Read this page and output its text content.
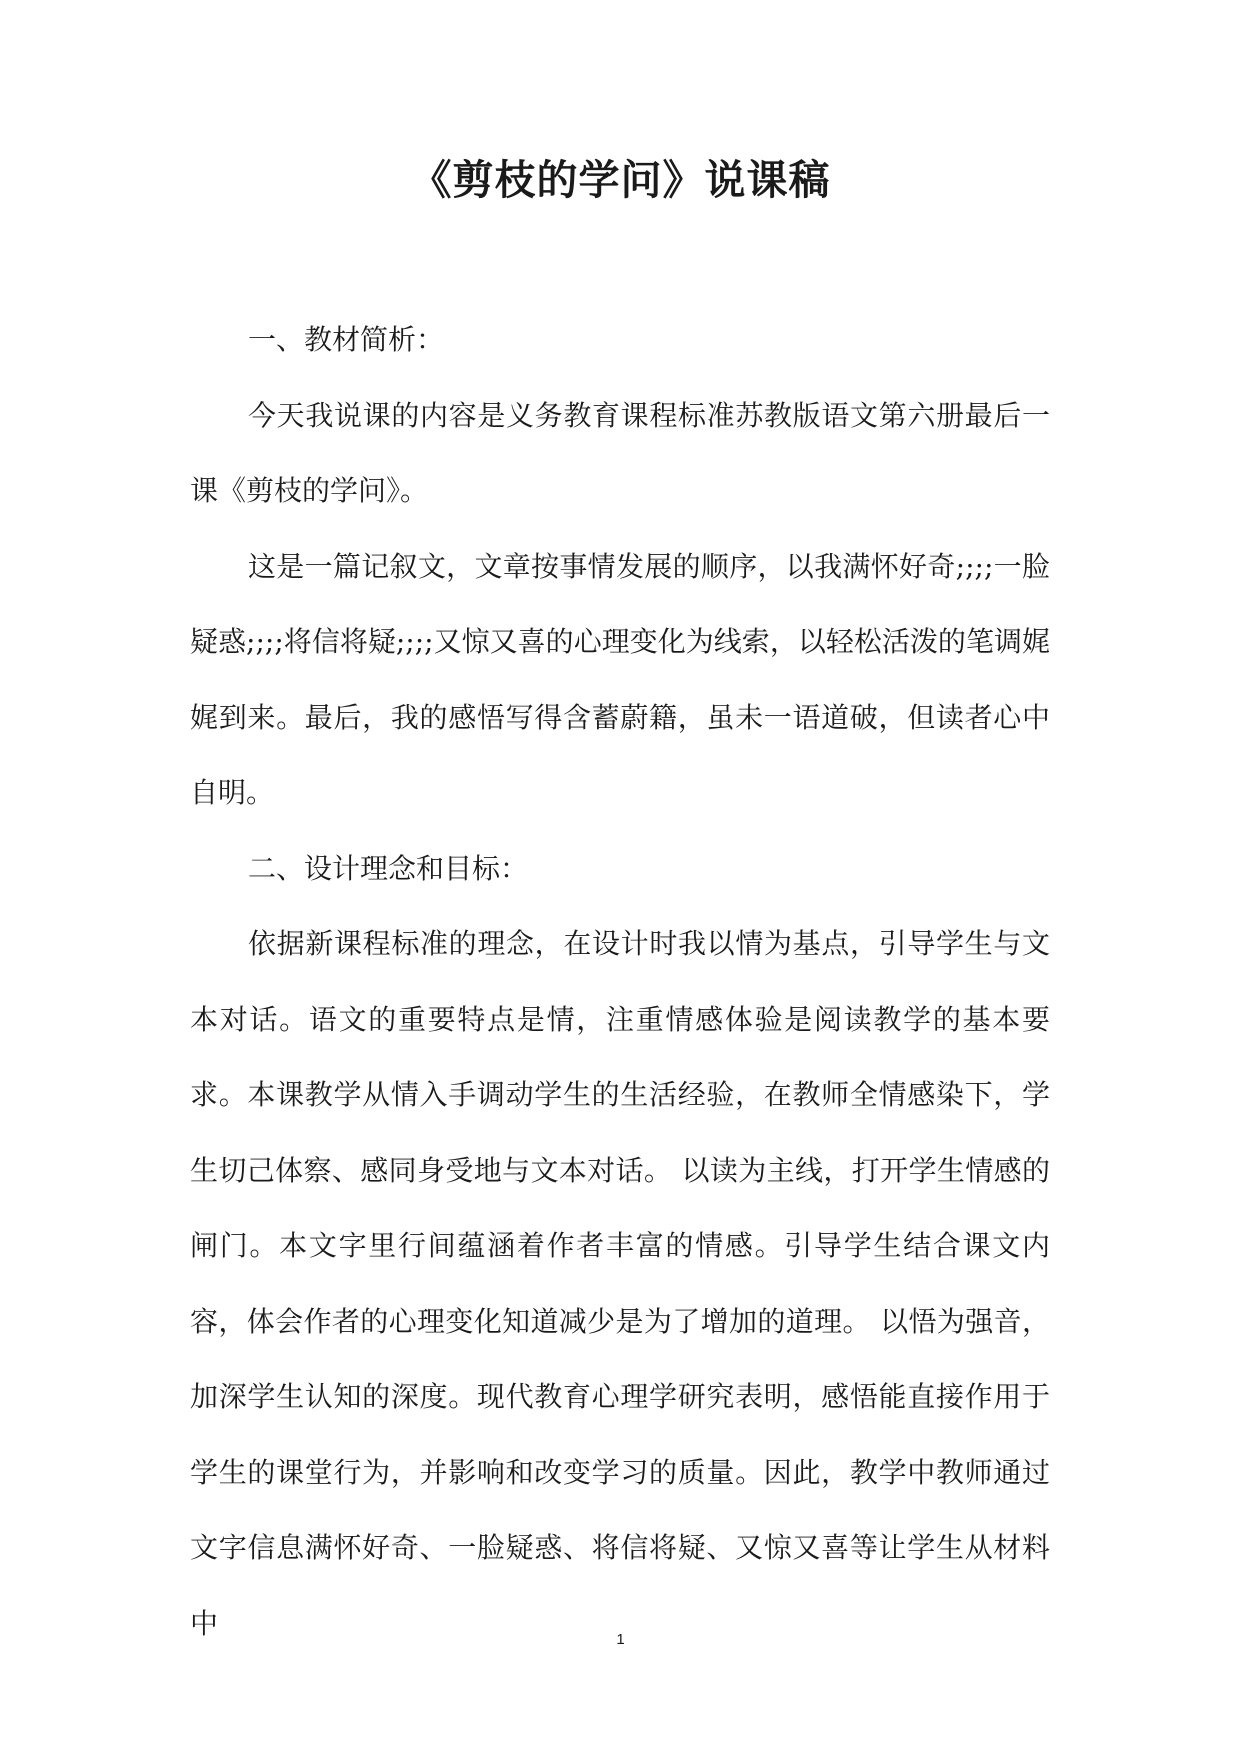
《剪枝的学问》说课稿

一、教材简析：

今天我说课的内容是义务教育课程标准苏教版语文第六册最后一课《剪枝的学问》。

这是一篇记叙文，文章按事情发展的顺序，以我满怀好奇;;;;一脸疑惑;;;;将信将疑;;;;又惊又喜的心理变化为线索，以轻松活泼的笔调娓娓到来。最后，我的感悟写得含蓄蔚籍，虽未一语道破，但读者心中自明。

二、设计理念和目标：

依据新课程标准的理念，在设计时我以情为基点，引导学生与文本对话。语文的重要特点是情，注重情感体验是阅读教学的基本要求。本课教学从情入手调动学生的生活经验，在教师全情感染下，学生切己体察、感同身受地与文本对话。 以读为主线，打开学生情感的闸门。本文字里行间蕴涵着作者丰富的情感。引导学生结合课文内容，体会作者的心理变化知道减少是为了增加的道理。 以悟为强音，加深学生认知的深度。现代教育心理学研究表明，感悟能直接作用于学生的课堂行为，并影响和改变学习的质量。因此，教学中教师通过文字信息满怀好奇、一脸疑惑、将信将疑、又惊又喜等让学生从材料中	1
